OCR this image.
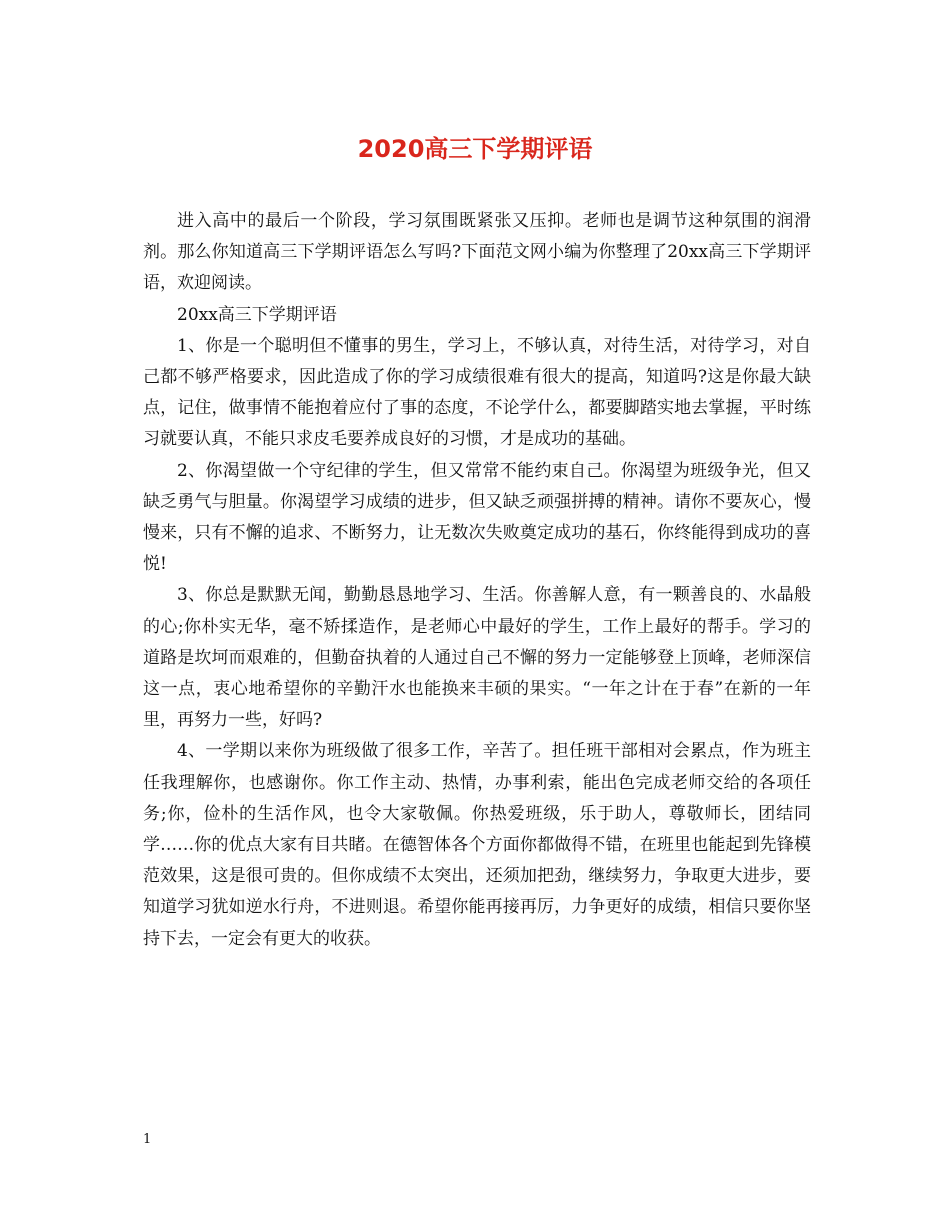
2020高三下学期评语

进入高中的最后一个阶段，学习氛围既紧张又压抑。老师也是调节这种氛围的润滑剂。那么你知道高三下学期评语怎么写吗?下面范文网小编为你整理了20xx高三下学期评语，欢迎阅读。

20xx高三下学期评语

1、你是一个聪明但不懂事的男生，学习上，不够认真，对待生活，对待学习，对自己都不够严格要求，因此造成了你的学习成绩很难有很大的提高，知道吗?这是你最大缺点，记住，做事情不能抱着应付了事的态度，不论学什么，都要脚踏实地去掌握，平时练习就要认真，不能只求皮毛要养成良好的习惯，才是成功的基础。

2、你渴望做一个守纪律的学生，但又常常不能约束自己。你渴望为班级争光，但又缺乏勇气与胆量。你渴望学习成绩的进步，但又缺乏顽强拼搏的精神。请你不要灰心，慢慢来，只有不懈的追求、不断努力，让无数次失败奠定成功的基石，你终能得到成功的喜悦!

3、你总是默默无闻，勤勤恳恳地学习、生活。你善解人意，有一颗善良的、水晶般的心;你朴实无华，毫不矫揉造作，是老师心中最好的学生，工作上最好的帮手。学习的道路是坎坷而艰难的，但勤奋执着的人通过自己不懈的努力一定能够登上顶峰，老师深信这一点，衷心地希望你的辛勤汗水也能换来丰硕的果实。“一年之计在于春”在新的一年里，再努力一些，好吗?

4、一学期以来你为班级做了很多工作，辛苦了。担任班干部相对会累点，作为班主任我理解你，也感谢你。你工作主动、热情，办事利索，能出色完成老师交给的各项任务;你，俭朴的生活作风，也令大家敬佩。你热爱班级，乐于助人，尊敬师长，团结同学……你的优点大家有目共睹。在德智体各个方面你都做得不错，在班里也能起到先锋模范效果，这是很可贵的。但你成绩不太突出，还须加把劲，继续努力，争取更大进步，要知道学习犹如逆水行舟，不进则退。希望你能再接再厉，力争更好的成绩，相信只要你坚持下去，一定会有更大的收获。

1
